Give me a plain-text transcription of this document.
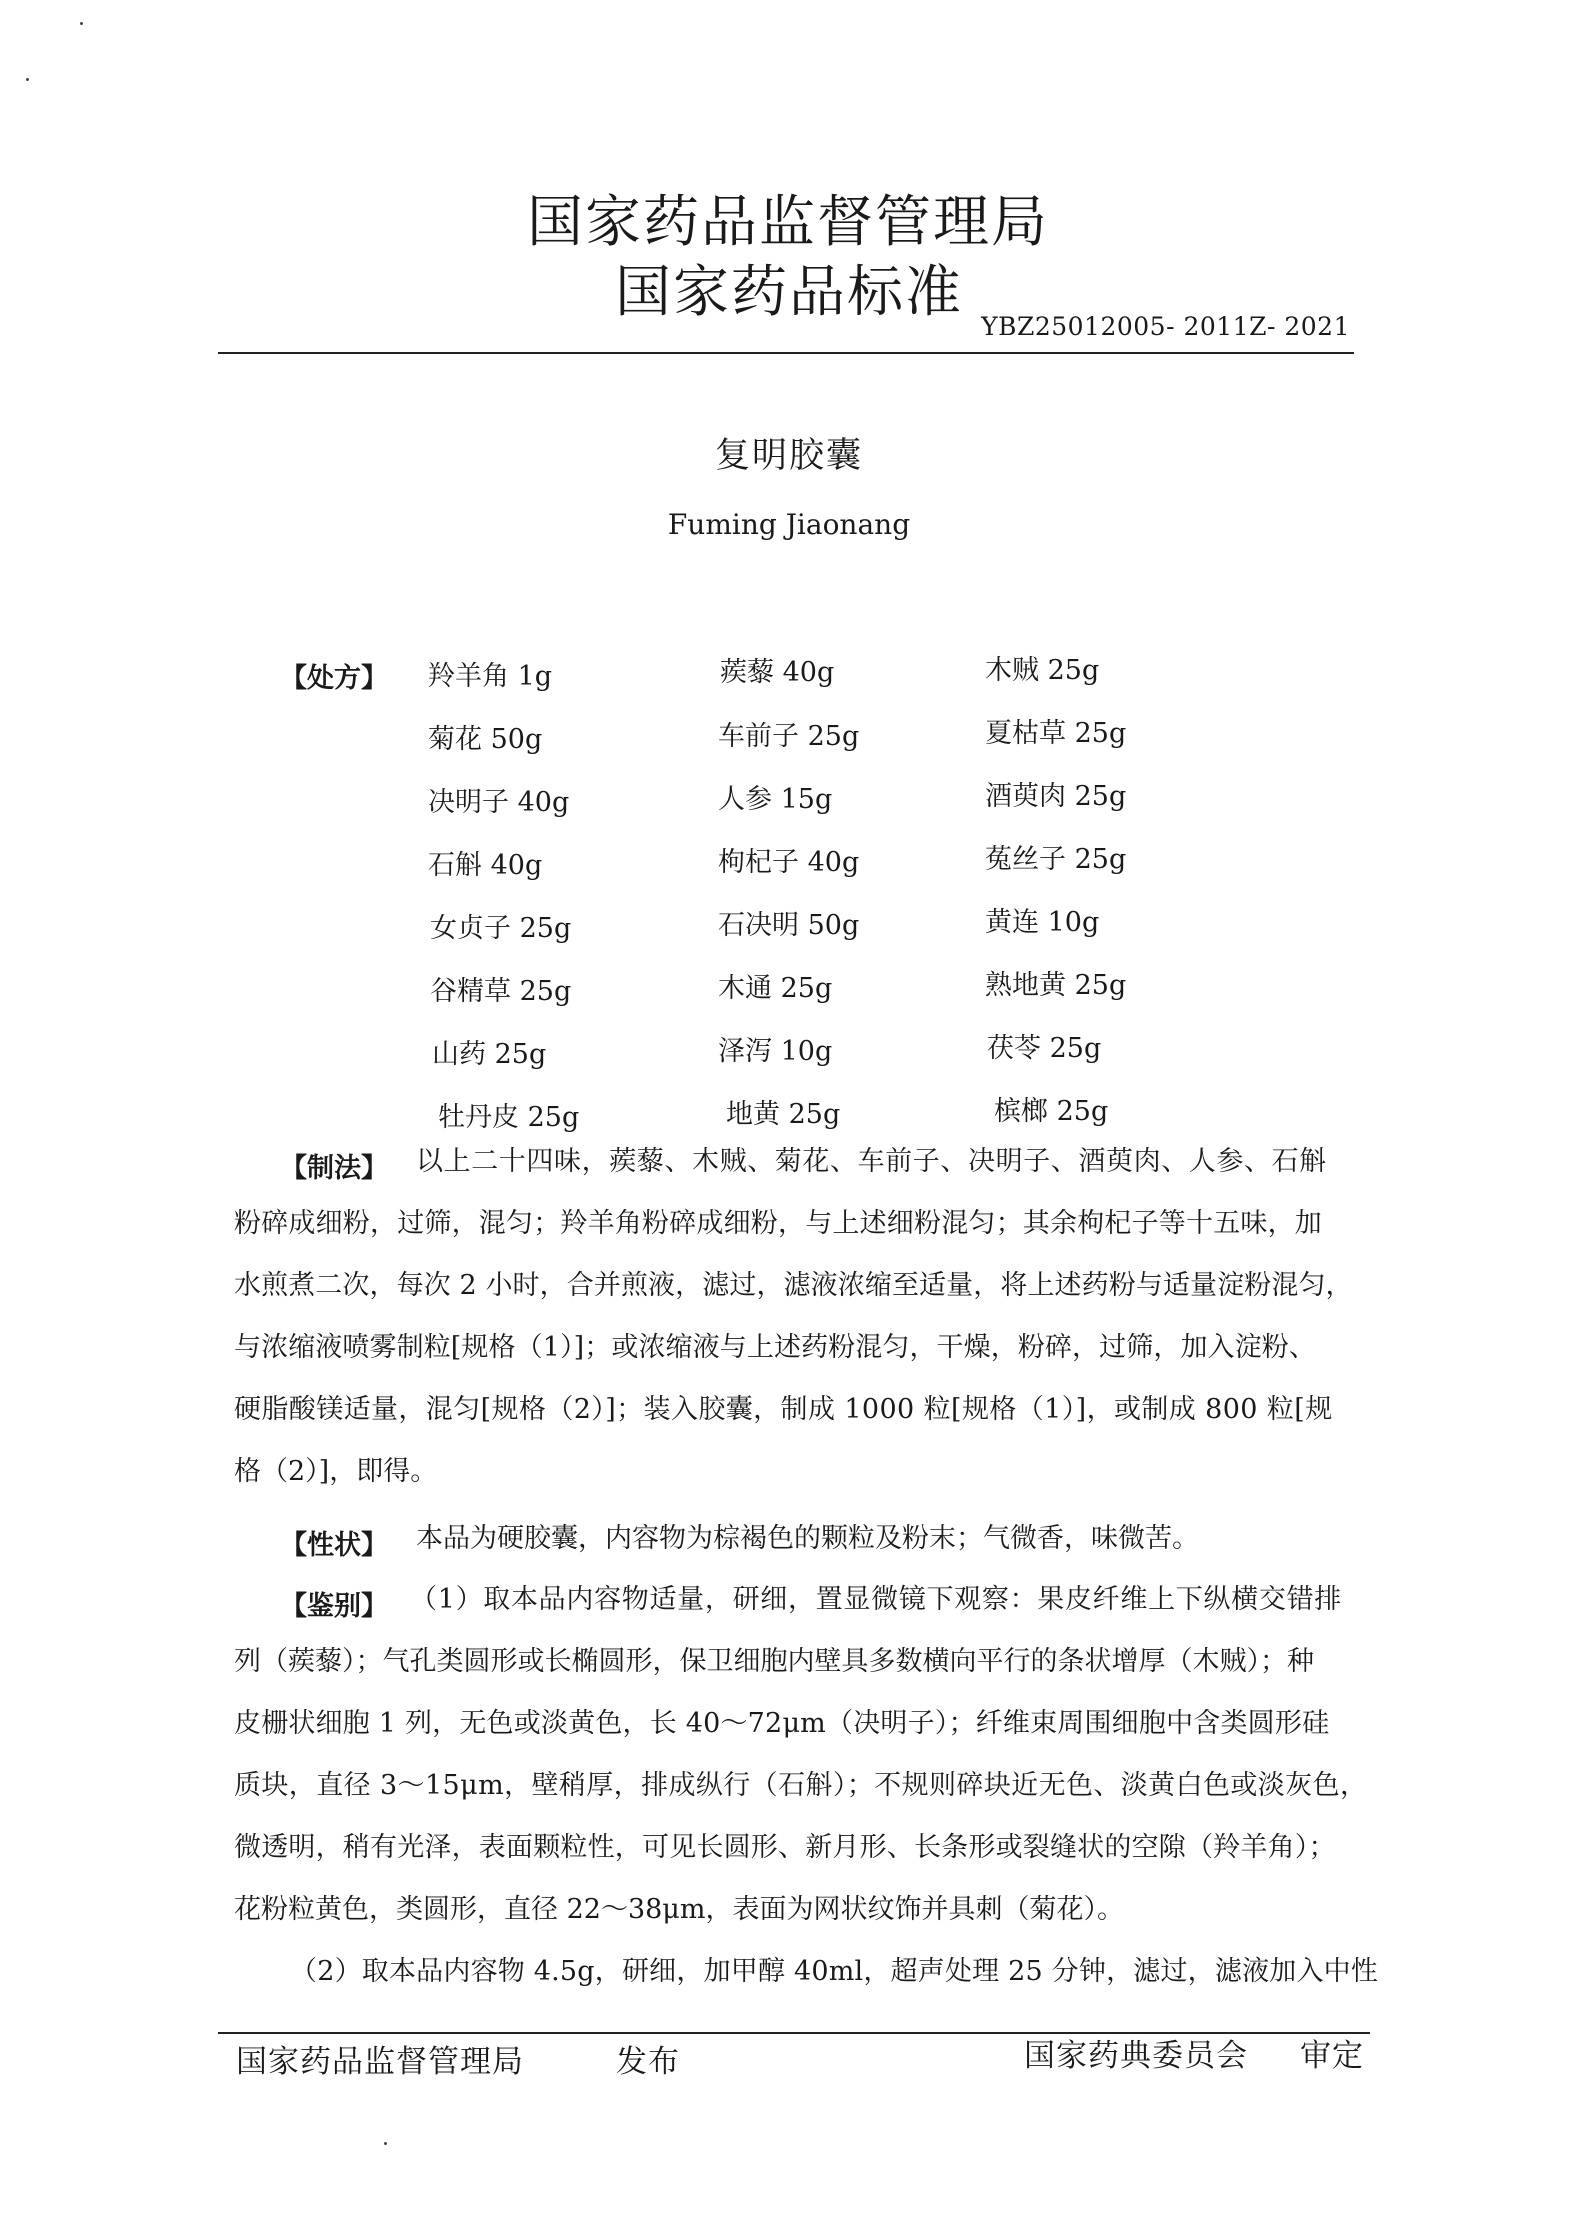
国家药品监督管理局
国家药品标准
YBZ25012005- 2011Z- 2021
复明胶囊
Fuming Jiaonang
【处方】 羚羊角 1g	蒺藜 40g	木贼 25g
菊花 50g	车前子 25g	夏枯草 25g
决明子 40g	人参 15g	酒萸肉 25g
石斛 40g	枸杞子 40g	菟丝子 25g
女贞子 25g	石决明 50g	黄连 10g
谷精草 25g	木通 25g	熟地黄 25g
山药 25g	泽泻 10g	茯苓 25g
牡丹皮 25g	地黄 25g	槟榔 25g
【制法】	以上二十四味，蒺藜、木贼、菊花、车前子、决明子、酒萸肉、人参、石斛
粉碎成细粉，过筛，混匀；羚羊角粉碎成细粉，与上述细粉混匀；其余枸杞子等十五味，加
水煎煮二次，每次 2 小时，合并煎液，滤过，滤液浓缩至适量，将上述药粉与适量淀粉混匀，
与浓缩液喷雾制粒[规格（1）]；或浓缩液与上述药粉混匀，干燥，粉碎，过筛，加入淀粉、
硬脂酸镁适量，混匀[规格（2）]；装入胶囊，制成 1000 粒[规格（1）]，或制成 800 粒[规
格（2）]，即得。
【性状】 本品为硬胶囊，内容物为棕褐色的颗粒及粉末；气微香，味微苦。
【鉴别】 （1）取本品内容物适量，研细，置显微镜下观察：果皮纤维上下纵横交错排
列（蒺藜）；气孔类圆形或长椭圆形，保卫细胞内壁具多数横向平行的条状增厚（木贼）；种
皮栅状细胞 1 列，无色或淡黄色，长 40～72μm（决明子）；纤维束周围细胞中含类圆形硅
质块，直径 3～15μm，壁稍厚，排成纵行（石斛）；不规则碎块近无色、淡黄白色或淡灰色，
微透明，稍有光泽，表面颗粒性，可见长圆形、新月形、长条形或裂缝状的空隙（羚羊角）；
花粉粒黄色，类圆形，直径 22～38μm，表面为网状纹饰并具刺（菊花）。
（2）取本品内容物 4.5g，研细，加甲醇 40ml，超声处理 25 分钟，滤过，滤液加入中性
国家药品监督管理局	发布	国家药典委员会 审定
